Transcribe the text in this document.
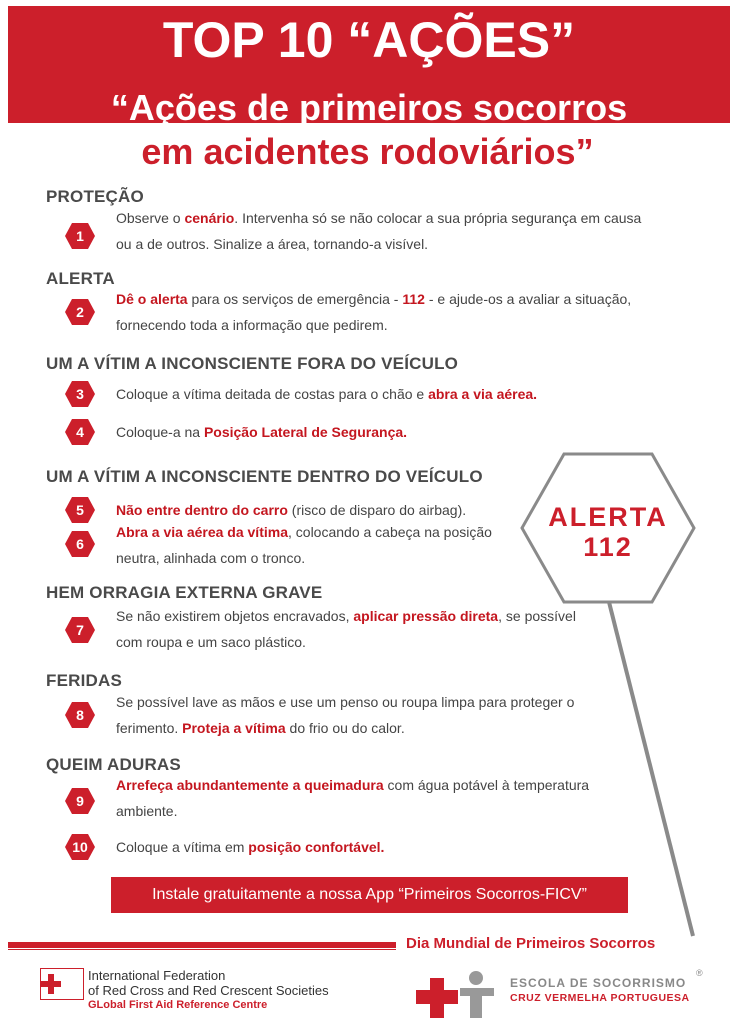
TOP 10 “AÇÕES”
“Ações de primeiros socorros
em acidentes rodoviários”
PROTEÇÃO
1
Observe o cenário. Intervenha só se não colocar a sua própria segurança em causa
ou a de outros. Sinalize a área, tornando-a visível.
ALERTA
2
Dê o alerta para os serviços de emergência - 112 - e ajude-os a avaliar a situação,
fornecendo toda a informação que pedirem.
UM A VÍTIM A INCONSCIENTE FORA DO VEÍCULO
3	Coloque a vítima deitada de costas para o chão e abra a via aérea.
4	Coloque-a na Posição Lateral de Segurança.
UM A VÍTIM A INCONSCIENTE DENTRO DO VEÍCULO
5	Não entre dentro do carro (risco de disparo do airbag).
6
Abra a via aérea da vítima, colocando a cabeça na posição
neutra, alinhada com o tronco.
ALERTA
112
HEM ORRAGIA EXTERNA GRAVE
7
Se não existirem objetos encravados, aplicar pressão direta, se possível
com roupa e um saco plástico.
FERIDAS
8
Se possível lave as mãos e use um penso ou roupa limpa para proteger o
ferimento. Proteja a vítima do frio ou do calor.
QUEIM ADURAS
9
Arrefeça abundantemente a queimadura com água potável à temperatura
ambiente.
10	Coloque a vítima em posição confortável.
Instale gratuitamente a nossa App “Primeiros Socorros-FICV”
Dia Mundial de Primeiros Socorros
International Federation
of Red Cross and Red Crescent Societies
GLobal First Aid Reference Centre
ESCOLA DE SOCORRISMO
CRUZ VERMELHA PORTUGUESA
®
